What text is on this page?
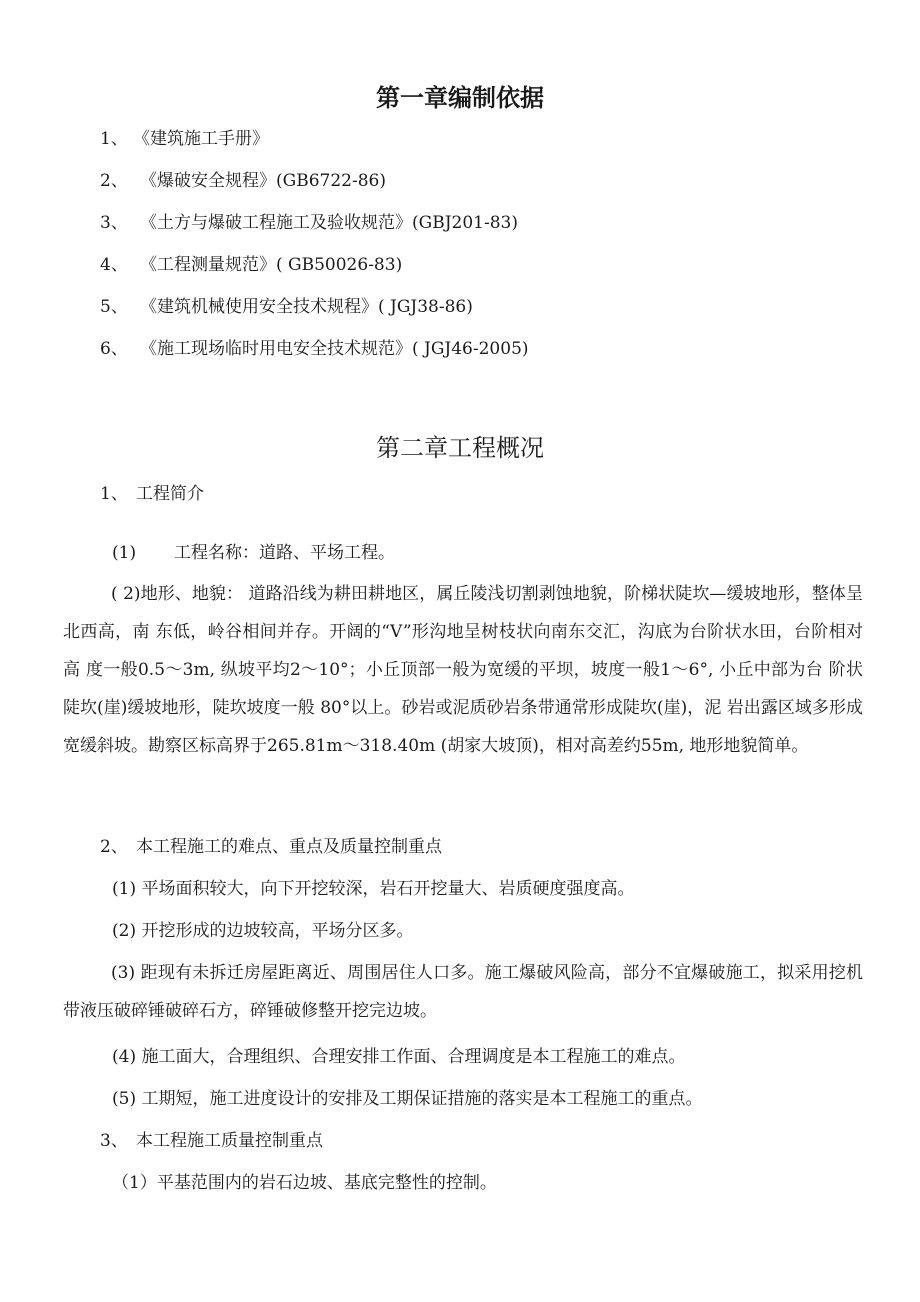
第一章编制依据
1、 《建筑施工手册》
2、 《爆破安全规程》(GB6722-86)
3、 《土方与爆破工程施工及验收规范》(GBJ201-83)
4、 《工程测量规范》( GB50026-83)
5、 《建筑机械使用安全技术规程》( JGJ38-86)
6、 《施工现场临时用电安全技术规范》( JGJ46-2005)
第二章工程概况
1、 工程简介
(1) 工程名称：道路、平场工程。
( 2)地形、地貌： 道路沿线为耕田耕地区，属丘陵浅切割剥蚀地貌，阶梯状陡坎—缓坡地形，整体呈北西高，南 东低，岭谷相间并存。开阔的“V”形沟地呈树枝状向南东交汇，沟底为台阶状水田，台阶相对高 度一般0.5～3m, 纵坡平均2～10°；小丘顶部一般为宽缓的平坝，坡度一般1～6°, 小丘中部为台 阶状陡坎(崖)缓坡地形，陡坎坡度一般 80°以上。砂岩或泥质砂岩条带通常形成陡坎(崖)，泥 岩出露区域多形成宽缓斜坡。勘察区标高界于265.81m～318.40m (胡家大坡顶)，相对高差约55m, 地形地貌简单。
2、 本工程施工的难点、重点及质量控制重点
(1) 平场面积较大，向下开挖较深，岩石开挖量大、岩质硬度强度高。
(2) 开挖形成的边坡较高，平场分区多。
(3) 距现有未拆迁房屋距离近、周围居住人口多。施工爆破风险高，部分不宜爆破施工，拟采用挖机带液压破碎锤破碎石方，碎锤破修整开挖完边坡。
(4) 施工面大，合理组织、合理安排工作面、合理调度是本工程施工的难点。
(5) 工期短，施工进度设计的安排及工期保证措施的落实是本工程施工的重点。
3、 本工程施工质量控制重点
（1）平基范围内的岩石边坡、基底完整性的控制。
